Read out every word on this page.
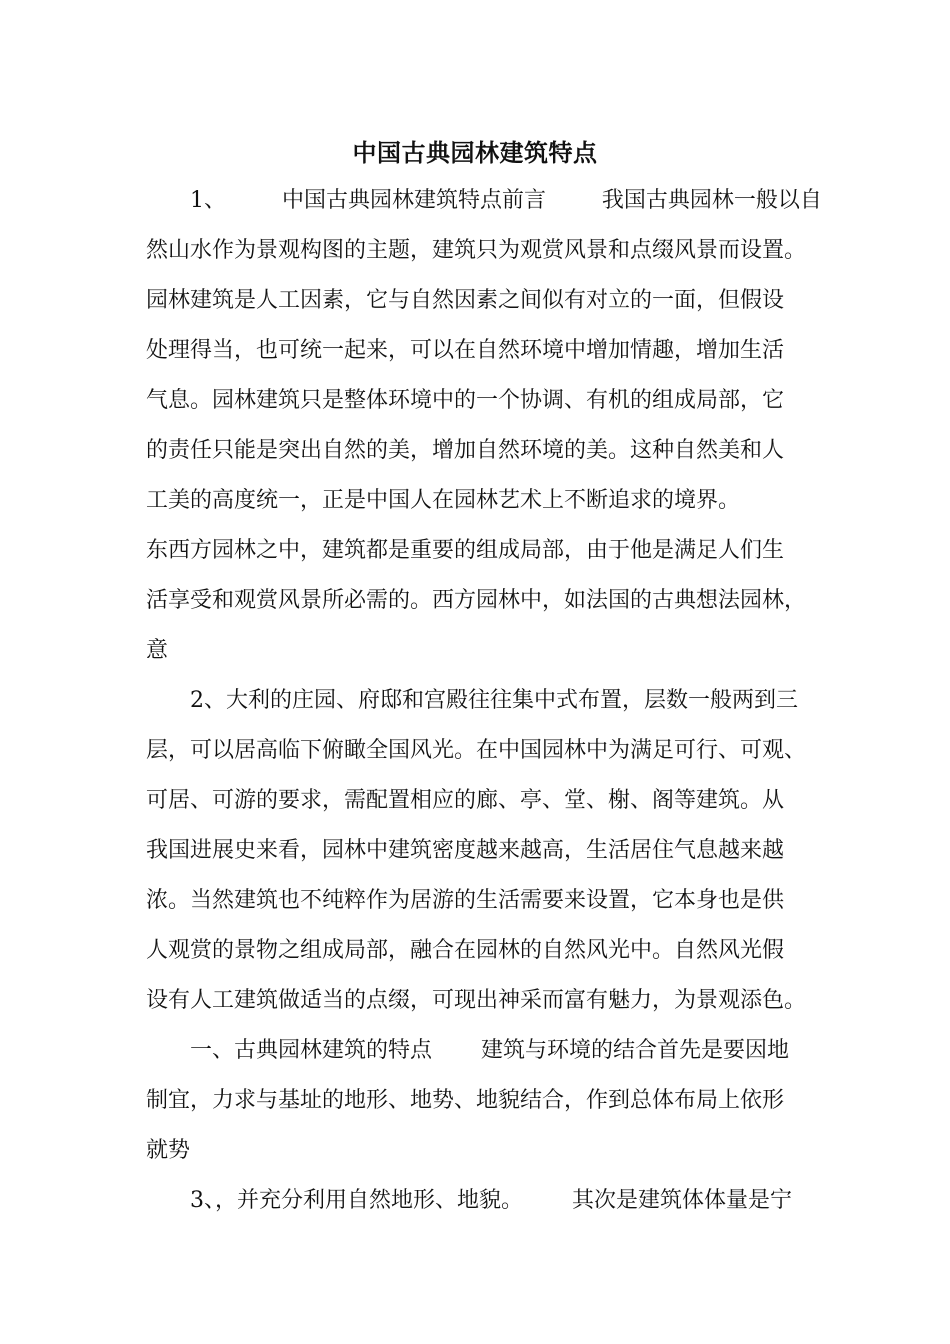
中国古典园林建筑特点
1、        中国古典园林建筑特点前言        我国古典园林一般以自
然山水作为景观构图的主题，建筑只为观赏风景和点缀风景而设置。
园林建筑是人工因素，它与自然因素之间似有对立的一面，但假设
处理得当，也可统一起来，可以在自然环境中增加情趣，增加生活
气息。园林建筑只是整体环境中的一个协调、有机的组成局部，它
的责任只能是突出自然的美，增加自然环境的美。这种自然美和人
工美的高度统一，正是中国人在园林艺术上不断追求的境界。
东西方园林之中，建筑都是重要的组成局部，由于他是满足人们生
活享受和观赏风景所必需的。西方园林中，如法国的古典想法园林，
意
2、大利的庄园、府邸和宫殿往往集中式布置，层数一般两到三
层，可以居高临下俯瞰全国风光。在中国园林中为满足可行、可观、
可居、可游的要求，需配置相应的廊、亭、堂、榭、阁等建筑。从
我国进展史来看，园林中建筑密度越来越高，生活居住气息越来越
浓。当然建筑也不纯粹作为居游的生活需要来设置，它本身也是供
人观赏的景物之组成局部，融合在园林的自然风光中。自然风光假
设有人工建筑做适当的点缀，可现出神采而富有魅力，为景观添色。
一、古典园林建筑的特点       建筑与环境的结合首先是要因地
制宜，力求与基址的地形、地势、地貌结合，作到总体布局上依形
就势
3、，并充分利用自然地形、地貌。       其次是建筑体体量是宁
